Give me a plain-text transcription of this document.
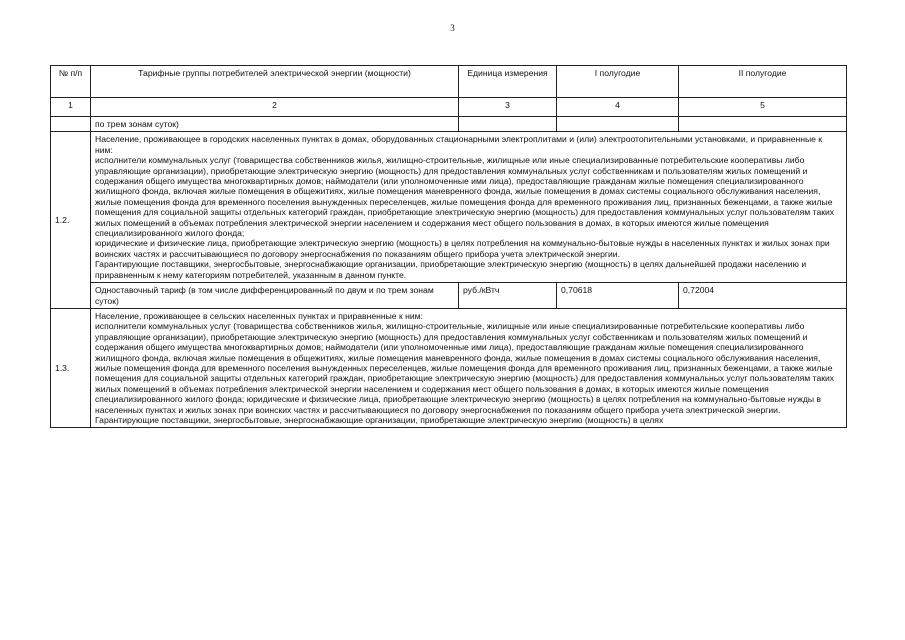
3
№ п/п	Тарифные группы потребителей электрической энергии (мощности)	Единица измерения	I полугодие	II полугодие
1	2	3	4	5
	по трем зонам суток)			
1.2.	Население, проживающее в городских населенных пунктах в домах, оборудованных стационарными электроплитами и (или) электроотопительными установками, и приравненные к ним:

исполнители коммунальных услуг (товарищества собственников жилья, жилищно-строительные, жилищные или иные специализированные потребительские кооперативы либо управляющие организации), приобретающие электрическую энергию (мощность) для предоставления коммунальных услуг собственникам и пользователям жилых помещений и содержания общего имущества многоквартирных домов; наймодатели (или уполномоченные ими лица), предоставляющие гражданам жилые помещения специализированного жилищного фонда, включая жилые помещения в общежитиях, жилые помещения маневренного фонда, жилые помещения в домах системы социального обслуживания населения, жилые помещения фонда для временного поселения вынужденных переселенцев, жилые помещения фонда для временного проживания лиц, признанных беженцами, а также жилые помещения для социальной защиты отдельных категорий граждан, приобретающие электрическую энергию (мощность) для предоставления коммунальных услуг пользователям таких жилых помещений в объемах потребления электрической энергии населением и содержания мест общего пользования в домах, в которых имеются жилые помещения специализированного жилого фонда;

юридические и физические лица, приобретающие электрическую энергию (мощность) в целях потребления на коммунально-бытовые нужды в населенных пунктах и жилых зонах при воинских частях и рассчитывающиеся по договору энергоснабжения по показаниям общего прибора учета электрической энергии.

Гарантирующие поставщики, энергосбытовые, энергоснабжающие организации, приобретающие электрическую энергию (мощность) в целях дальнейшей продажи населению и приравненным к нему категориям потребителей, указанным в данном пункте.			

	Одноставочный тариф (в том числе дифференцированный по двум и по трем зонам суток)	руб./кВтч	0,70618	0,72004
1.3.	Население, проживающее в сельских населенных пунктах и приравненные к ним:

исполнители коммунальных услуг (товарищества собственников жилья, жилищно-строительные, жилищные или иные специализированные потребительские кооперативы либо управляющие организации), приобретающие электрическую энергию (мощность) для предоставления коммунальных услуг собственникам и пользователям жилых помещений и содержания общего имущества многоквартирных домов; наймодатели (или уполномоченные ими лица), предоставляющие гражданам жилые помещения специализированного жилищного фонда, включая жилые помещения в общежитиях, жилые помещения маневренного фонда, жилые помещения в домах системы социального обслуживания населения, жилые помещения фонда для временного поселения вынужденных переселенцев, жилые помещения фонда для временного проживания лиц, признанных беженцами, а также жилые помещения для социальной защиты отдельных категорий граждан, приобретающие электрическую энергию (мощность) для предоставления коммунальных услуг пользователям таких жилых помещений в объемах потребления электрической энергии населением и содержания мест общего пользования в домах, в которых имеются жилые помещения специализированного жилого фонда; юридические и физические лица, приобретающие электрическую энергию (мощность) в целях потребления на коммунально-бытовые нужды в населенных пунктах и жилых зонах при воинских частях и рассчитывающиеся по договору энергоснабжения по показаниям общего прибора учета электрической энергии.

Гарантирующие поставщики, энергосбытовые, энергоснабжающие организации, приобретающие электрическую энергию (мощность) в целях			
